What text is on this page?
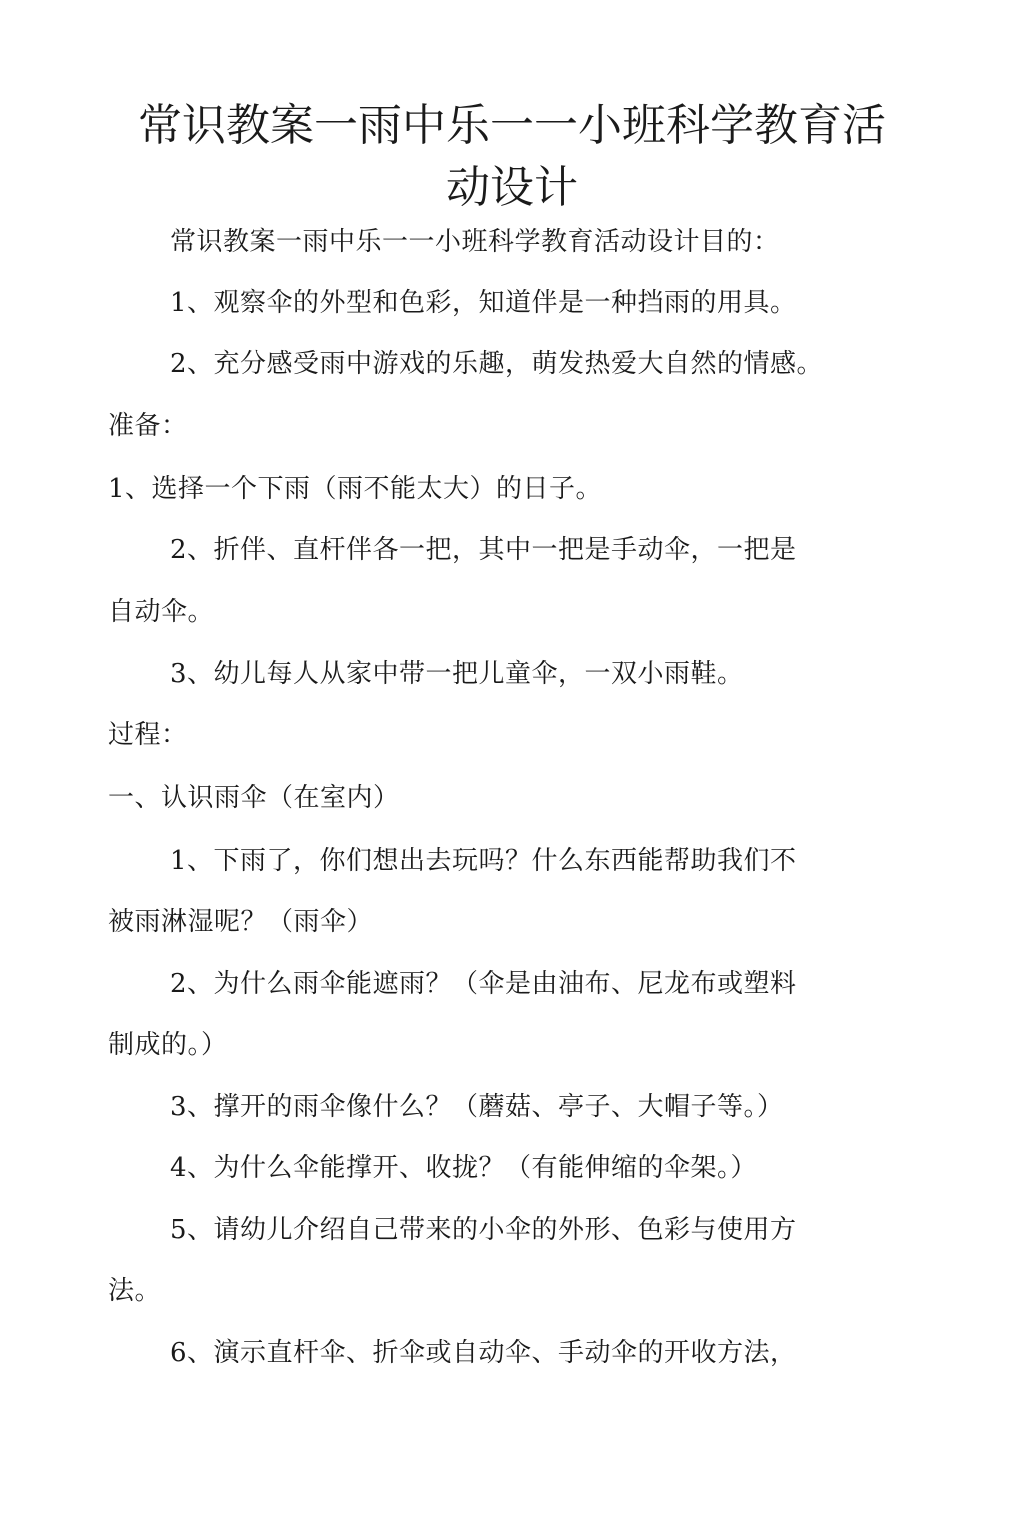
常识教案一雨中乐一一小班科学教育活
动设计
常识教案一雨中乐一一小班科学教育活动设计目的：
1、观察伞的外型和色彩，知道伴是一种挡雨的用具。
2、充分感受雨中游戏的乐趣，萌发热爱大自然的情感。
准备：
1、选择一个下雨（雨不能太大）的日子。
2、折伴、直杆伴各一把，其中一把是手动伞，一把是
自动伞。
3、幼儿每人从家中带一把儿童伞，一双小雨鞋。
过程：
一、认识雨伞（在室内）
1、下雨了，你们想出去玩吗？什么东西能帮助我们不
被雨淋湿呢？（雨伞）
2、为什么雨伞能遮雨？（伞是由油布、尼龙布或塑料
制成的。）
3、撑开的雨伞像什么？（蘑菇、亭子、大帽子等。）
4、为什么伞能撑开、收拢？（有能伸缩的伞架。）
5、请幼儿介绍自己带来的小伞的外形、色彩与使用方
法。
6、演示直杆伞、折伞或自动伞、手动伞的开收方法，
